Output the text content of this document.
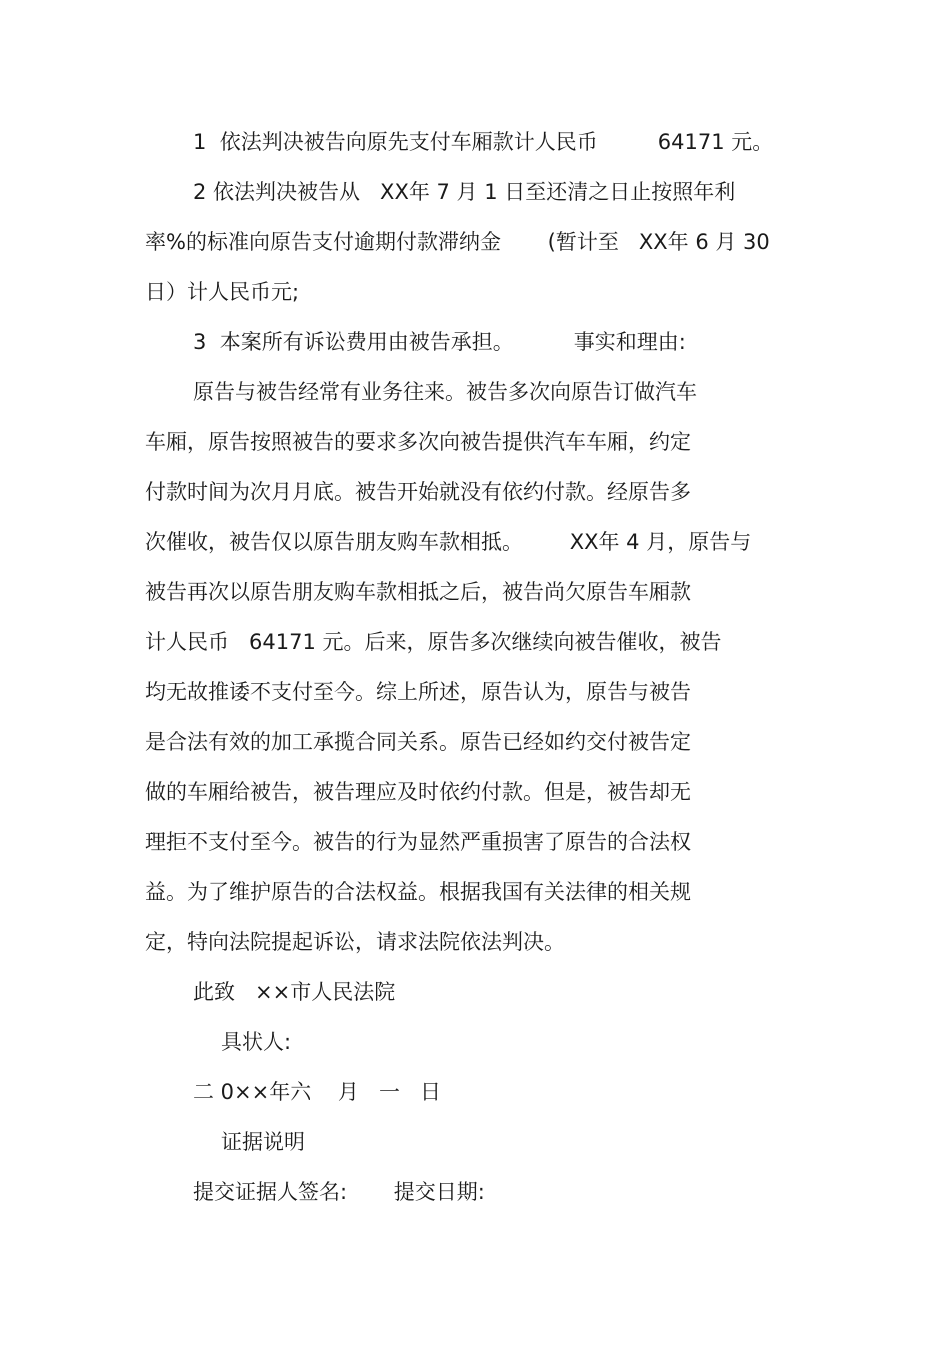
1  依法判决被告向原先支付车厢款计人民币         64171 元。
2 依法判决被告从   XX年 7 月 1 日至还清之日止按照年利
率%的标准向原告支付逾期付款滞纳金       (暂计至   XX年 6 月 30
日）计人民币元;
3  本案所有诉讼费用由被告承担。         事实和理由:
原告与被告经常有业务往来。被告多次向原告订做汽车
车厢，原告按照被告的要求多次向被告提供汽车车厢，约定
付款时间为次月月底。被告开始就没有依约付款。经原告多
次催收，被告仅以原告朋友购车款相抵。       XX年 4 月，原告与
被告再次以原告朋友购车款相抵之后，被告尚欠原告车厢款
计人民币   64171 元。后来，原告多次继续向被告催收，被告
均无故推诿不支付至今。综上所述，原告认为，原告与被告
是合法有效的加工承揽合同关系。原告已经如约交付被告定
做的车厢给被告，被告理应及时依约付款。但是，被告却无
理拒不支付至今。被告的行为显然严重损害了原告的合法权
益。为了维护原告的合法权益。根据我国有关法律的相关规
定，特向法院提起诉讼，请求法院依法判决。
此致   ××市人民法院
具状人:
二 0××年六    月   一   日
证据说明
提交证据人签名:       提交日期:
